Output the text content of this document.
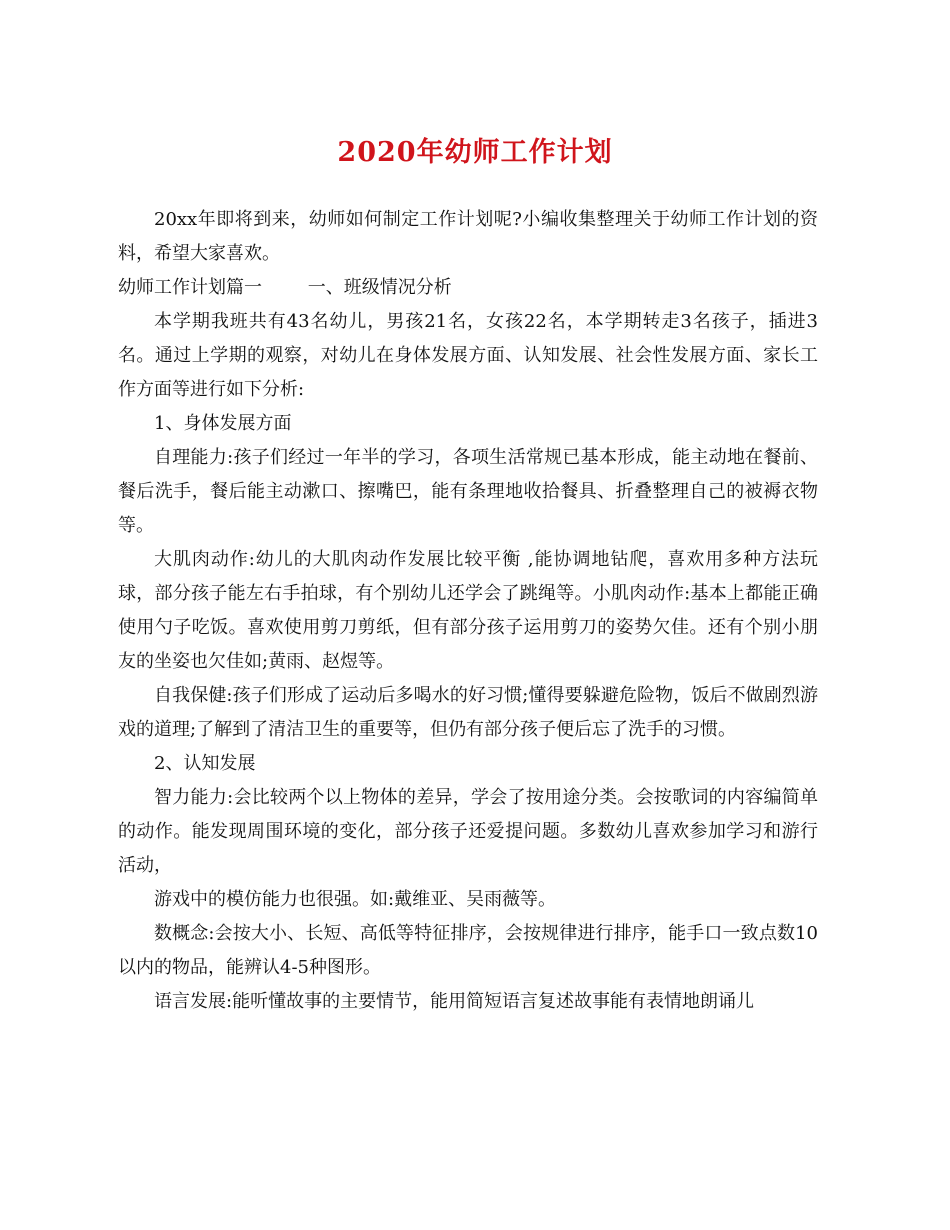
2020年幼师工作计划

20xx年即将到来，幼师如何制定工作计划呢?小编收集整理关于幼师工作计划的资料，希望大家喜欢。

幼师工作计划篇一        一、班级情况分析

本学期我班共有43名幼儿，男孩21名，女孩22名，本学期转走3名孩子，插进3名。通过上学期的观察，对幼儿在身体发展方面、认知发展、社会性发展方面、家长工作方面等进行如下分析:

1、身体发展方面

自理能力:孩子们经过一年半的学习，各项生活常规已基本形成，能主动地在餐前、餐后洗手，餐后能主动漱口、擦嘴巴，能有条理地收拾餐具、折叠整理自己的被褥衣物等。

大肌肉动作:幼儿的大肌肉动作发展比较平衡 ,能协调地钻爬，喜欢用多种方法玩球，部分孩子能左右手拍球，有个别幼儿还学会了跳绳等。小肌肉动作:基本上都能正确使用勺子吃饭。喜欢使用剪刀剪纸，但有部分孩子运用剪刀的姿势欠佳。还有个别小朋友的坐姿也欠佳如;黄雨、赵煜等。

自我保健:孩子们形成了运动后多喝水的好习惯;懂得要躲避危险物，饭后不做剧烈游戏的道理;了解到了清洁卫生的重要等，但仍有部分孩子便后忘了洗手的习惯。

2、认知发展

智力能力:会比较两个以上物体的差异，学会了按用途分类。会按歌词的内容编简单的动作。能发现周围环境的变化，部分孩子还爱提问题。多数幼儿喜欢参加学习和游行活动，

游戏中的模仿能力也很强。如:戴维亚、吴雨薇等。

数概念:会按大小、长短、高低等特征排序，会按规律进行排序，能手口一致点数10以内的物品，能辨认4-5种图形。

语言发展:能听懂故事的主要情节，能用简短语言复述故事能有表情地朗诵儿
